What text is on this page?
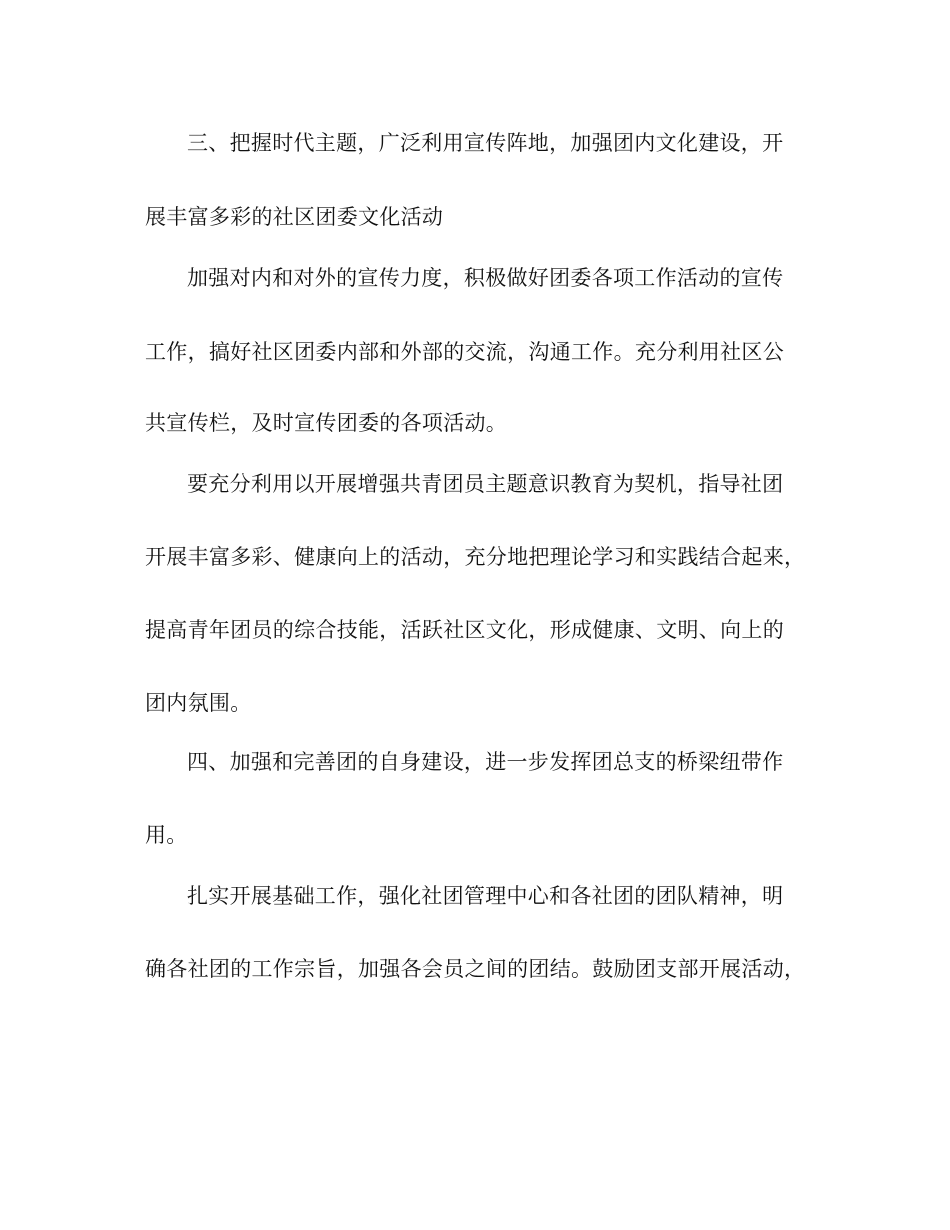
三、把握时代主题，广泛利用宣传阵地，加强团内文化建设，开
展丰富多彩的社区团委文化活动
加强对内和对外的宣传力度，积极做好团委各项工作活动的宣传
工作，搞好社区团委内部和外部的交流，沟通工作。充分利用社区公
共宣传栏，及时宣传团委的各项活动。
要充分利用以开展增强共青团员主题意识教育为契机，指导社团
开展丰富多彩、健康向上的活动，充分地把理论学习和实践结合起来，
提高青年团员的综合技能，活跃社区文化，形成健康、文明、向上的
团内氛围。
四、加强和完善团的自身建设，进一步发挥团总支的桥梁纽带作
用。
扎实开展基础工作，强化社团管理中心和各社团的团队精神，明
确各社团的工作宗旨，加强各会员之间的团结。鼓励团支部开展活动，
